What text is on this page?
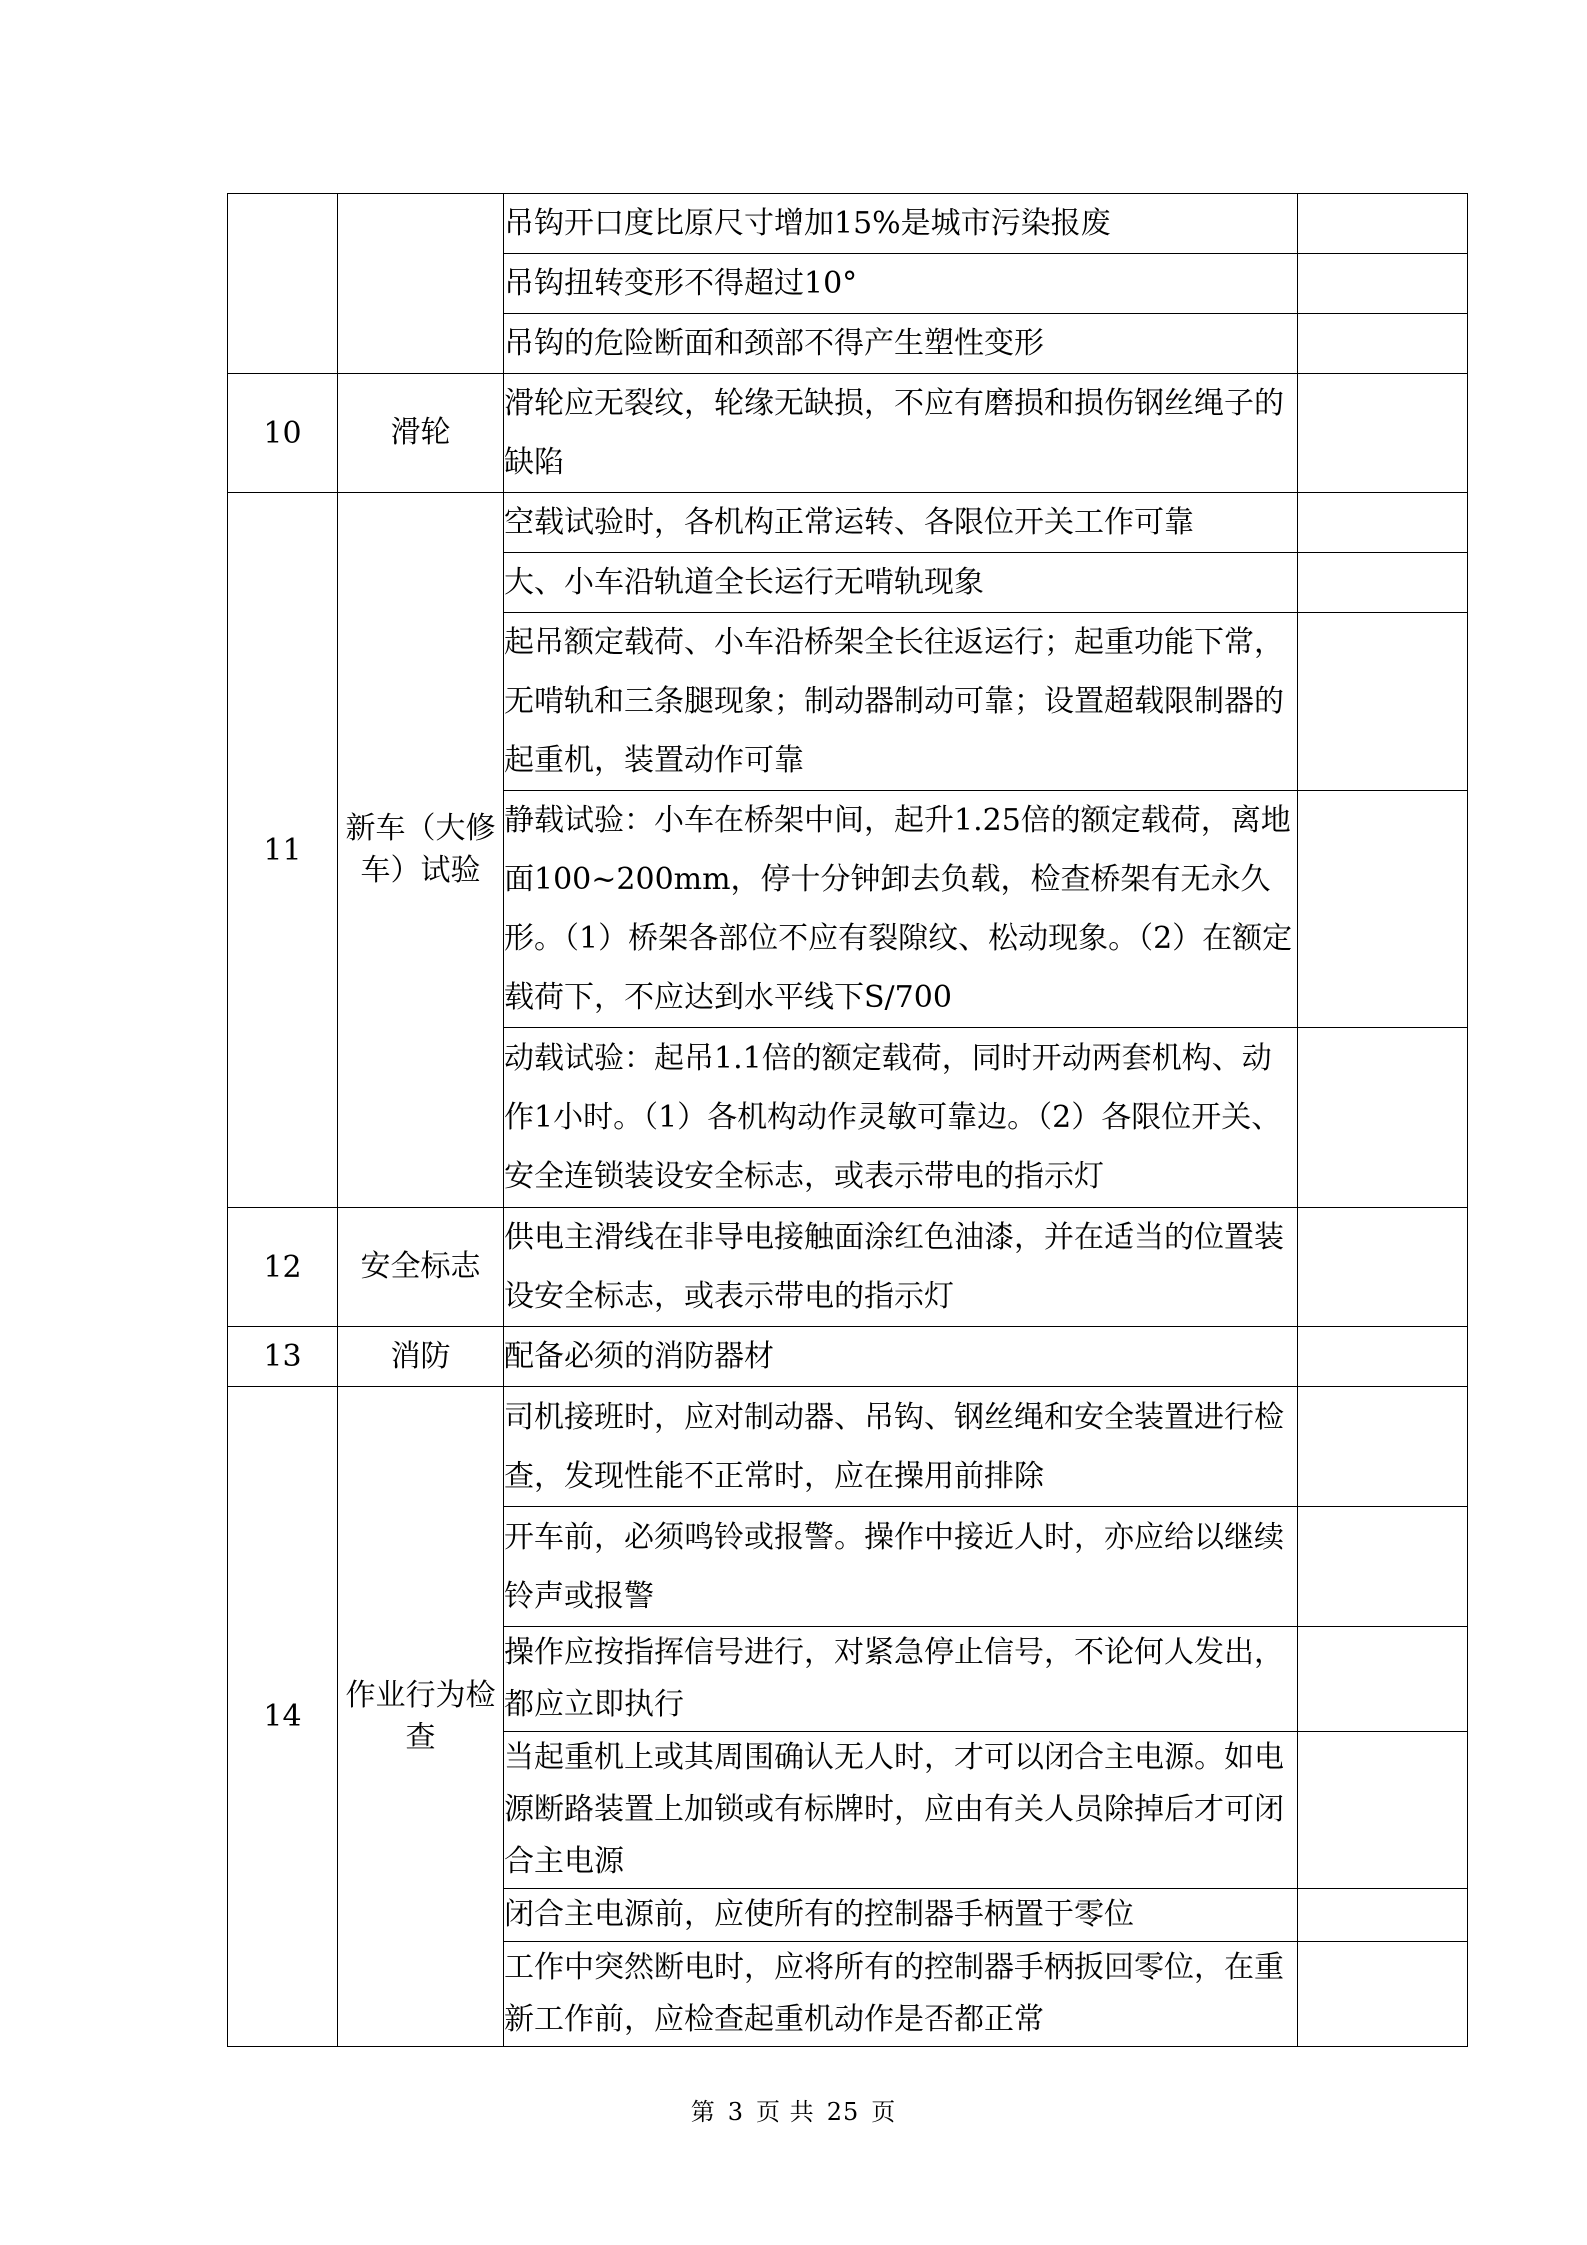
		吊钩开口度比原尺寸增加15%是城市污染报废	
		吊钩扭转变形不得超过10°	
		吊钩的危险断面和颈部不得产生塑性变形	
10	滑轮	滑轮应无裂纹，轮缘无缺损，不应有磨损和损伤钢丝绳子的缺陷	
11	新车（大修车）试验	空载试验时，各机构正常运转、各限位开关工作可靠	
		大、小车沿轨道全长运行无啃轨现象	
		起吊额定载荷、小车沿桥架全长往返运行；起重功能下常，无啃轨和三条腿现象；制动器制动可靠；设置超载限制器的起重机，装置动作可靠	
		静载试验：小车在桥架中间，起升1.25倍的额定载荷，离地面100~200mm，停十分钟卸去负载，检查桥架有无永久形。（1）桥架各部位不应有裂隙纹、松动现象。（2）在额定载荷下，不应达到水平线下S/700	
		动载试验：起吊1.1倍的额定载荷，同时开动两套机构、动作1小时。（1）各机构动作灵敏可靠边。（2）各限位开关、安全连锁装设安全标志，或表示带电的指示灯	
12	安全标志	供电主滑线在非导电接触面涂红色油漆，并在适当的位置装设安全标志，或表示带电的指示灯	
13	消防	配备必须的消防器材	
14	作业行为检查	司机接班时，应对制动器、吊钩、钢丝绳和安全装置进行检查，发现性能不正常时，应在操用前排除	
		开车前，必须鸣铃或报警。操作中接近人时，亦应给以继续铃声或报警	
		操作应按指挥信号进行，对紧急停止信号，不论何人发出，都应立即执行	
		当起重机上或其周围确认无人时，才可以闭合主电源。如电源断路装置上加锁或有标牌时，应由有关人员除掉后才可闭合主电源	
		闭合主电源前，应使所有的控制器手柄置于零位	
		工作中突然断电时，应将所有的控制器手柄扳回零位，在重新工作前，应检查起重机动作是否都正常	
第 3 页 共 25 页
